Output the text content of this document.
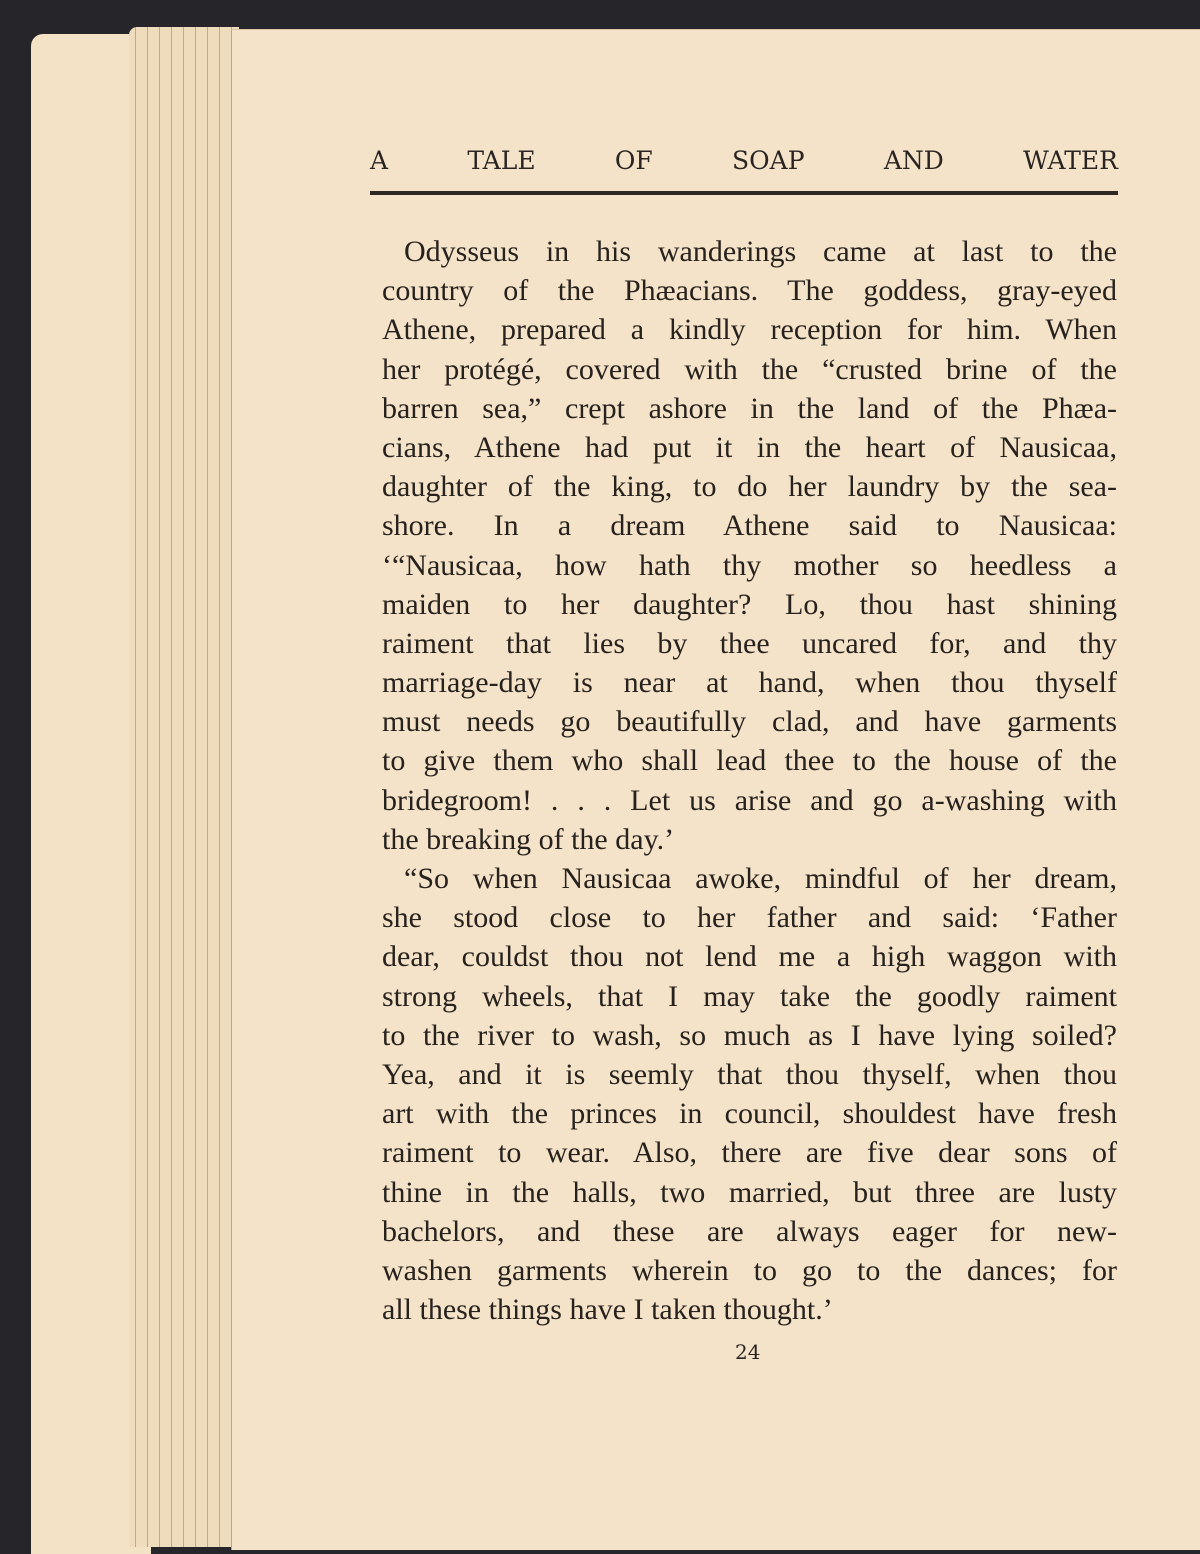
A	TALE	OF	SOAP	AND	WATER
Odysseus in his wanderings came at last to the
country of the Phæacians. The goddess, gray-eyed
Athene, prepared a kindly reception for him. When
her protégé, covered with the “crusted brine of the
barren sea,” crept ashore in the land of the Phæa-
cians, Athene had put it in the heart of Nausicaa,
daughter of the king, to do her laundry by the sea-
shore. In a dream Athene said to Nausicaa:
‘“Nausicaa, how hath thy mother so heedless a
maiden to her daughter? Lo, thou hast shining
raiment that lies by thee uncared for, and thy
marriage-day is near at hand, when thou thyself
must needs go beautifully clad, and have garments
to give them who shall lead thee to the house of the
bridegroom! . . . Let us arise and go a-washing with
the breaking of the day.’
“So when Nausicaa awoke, mindful of her dream,
she stood close to her father and said: ‘Father
dear, couldst thou not lend me a high waggon with
strong wheels, that I may take the goodly raiment
to the river to wash, so much as I have lying soiled?
Yea, and it is seemly that thou thyself, when thou
art with the princes in council, shouldest have fresh
raiment to wear. Also, there are five dear sons of
thine in the halls, two married, but three are lusty
bachelors, and these are always eager for new-
washen garments wherein to go to the dances; for
all these things have I taken thought.’
24
